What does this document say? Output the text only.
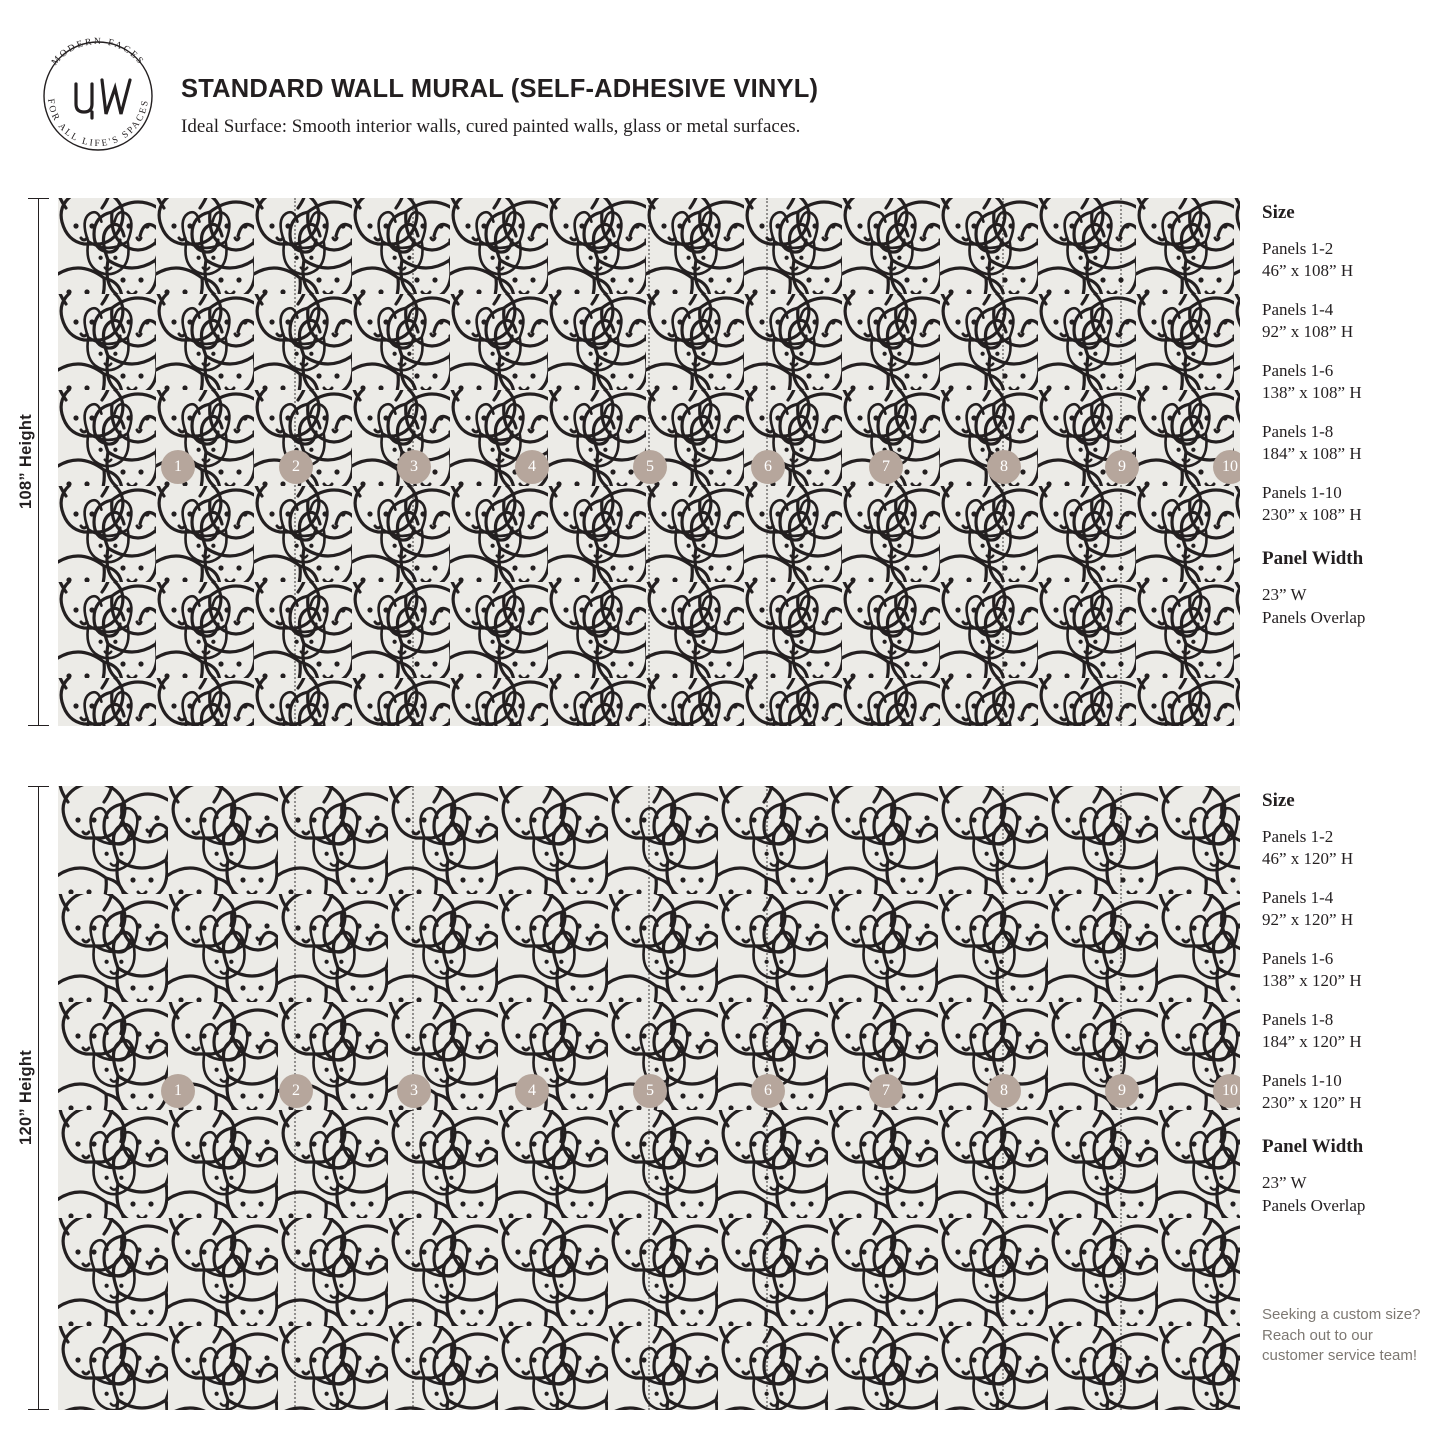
MODERN FACES
FOR ALL LIFE'S SPACES STANDARD WALL MURAL (SELF-ADHESIVE VINYL)
Ideal Surface: Smooth interior walls, cured painted walls, glass or metal surfaces.
108” Height	1	2	3	4	5	6	7	8	9	10
Size
Panels 1-2
46” x 108” H
Panels 1-4
92” x 108” H
Panels 1-6
138” x 108” H
Panels 1-8
184” x 108” H
Panels 1-10
230” x 108” H
Panel Width
23” W
Panels Overlap
120” Height	1	2	3	4	5	6	7	8	9	10
Size
Panels 1-2
46” x 120” H
Panels 1-4
92” x 120” H
Panels 1-6
138” x 120” H
Panels 1-8
184” x 120” H
Panels 1-10
230” x 120” H
Panel Width
23” W
Panels Overlap
Seeking a custom size? Reach out to our customer service team!
